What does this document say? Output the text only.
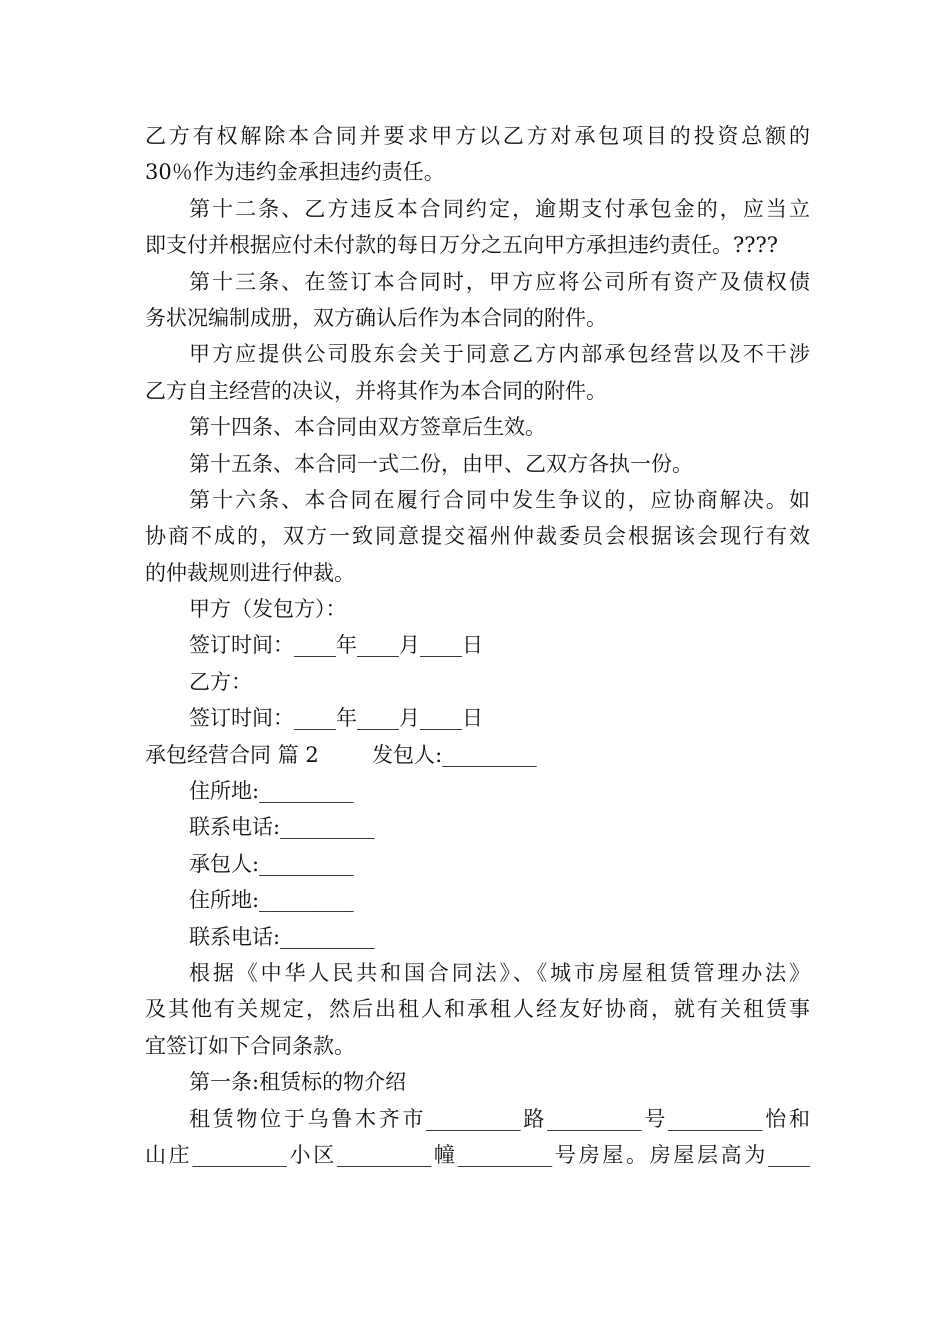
乙方有权解除本合同并要求甲方以乙方对承包项目的投资总额的
30％作为违约金承担违约责任。
第十二条、乙方违反本合同约定，逾期支付承包金的，应当立
即支付并根据应付未付款的每日万分之五向甲方承担违约责任。????
第十三条、在签订本合同时，甲方应将公司所有资产及债权债
务状况编制成册，双方确认后作为本合同的附件。
甲方应提供公司股东会关于同意乙方内部承包经营以及不干涉
乙方自主经营的决议，并将其作为本合同的附件。
第十四条、本合同由双方签章后生效。
第十五条、本合同一式二份，由甲、乙双方各执一份。
第十六条、本合同在履行合同中发生争议的，应协商解决。如
协商不成的，双方一致同意提交福州仲裁委员会根据该会现行有效
的仲裁规则进行仲裁。
甲方（发包方）：
签订时间：____年____月____日
乙方：
签订时间：____年____月____日
承包经营合同 篇 2        发包人:_________
住所地:_________
联系电话:_________
承包人:_________
住所地:_________
联系电话:_________
根据《中华人民共和国合同法》、《城市房屋租赁管理办法》
及其他有关规定，然后出租人和承租人经友好协商，就有关租赁事
宜签订如下合同条款。
第一条:租赁标的物介绍
租赁物位于乌鲁木齐市_________路_________号_________怡和
山庄_________小区_________幢_________号房屋。房屋层高为____
